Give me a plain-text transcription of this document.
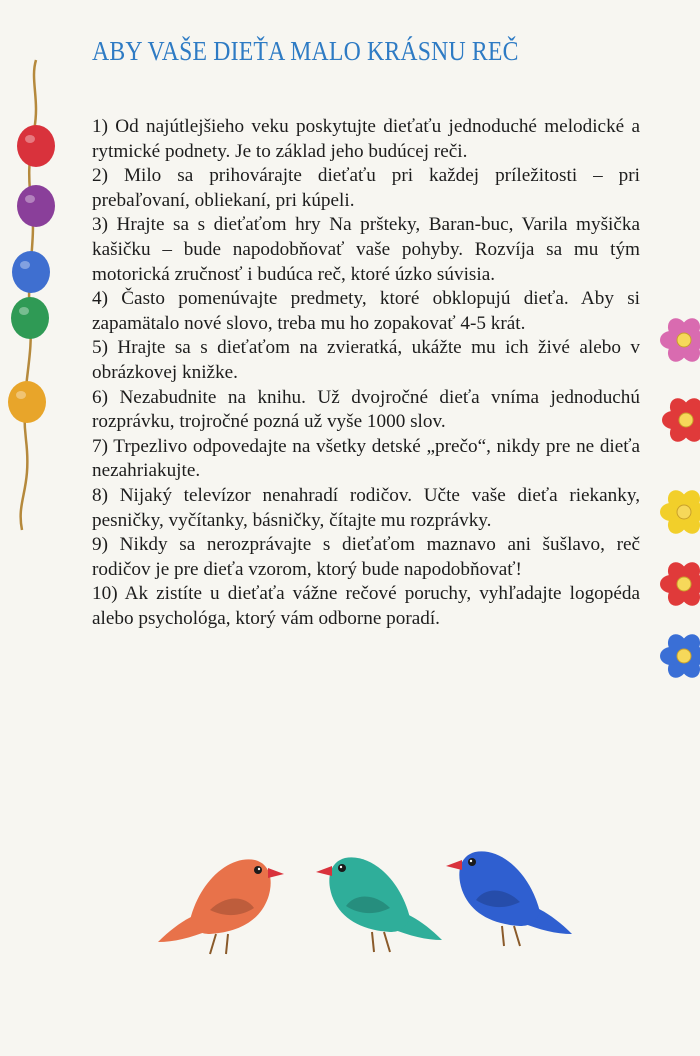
ABY VAŠE DIEŤA MALO KRÁSNU REČ
1) Od najútlejšieho veku poskytujte dieťaťu jednoduché melodické a rytmické podnety. Je to základ jeho budúcej reči.
2) Milo sa prihovárajte dieťaťu pri každej príležitosti – pri prebaľovaní, obliekaní, pri kúpeli.
3) Hrajte sa s dieťaťom hry Na pršteky, Baran-buc, Varila myšička kašičku – bude napodobňovať vaše pohyby. Rozvíja sa mu tým motorická zručnosť i budúca reč, ktoré úzko súvisia.
4) Často pomenúvajte predmety, ktoré obklopujú dieťa. Aby si zapamätalo nové slovo, treba mu ho zopakovať 4-5 krát.
5) Hrajte sa s dieťaťom na zvieratká, ukážte mu ich živé alebo v obrázkovej knižke.
6) Nezabudnite na knihu. Už dvojročné dieťa vníma jednoduchú rozprávku, trojročné pozná už vyše 1000 slov.
7) Trpezlivo odpovedajte na všetky detské „prečo“, nikdy pre ne dieťa nezahriakujte.
8) Nijaký televízor nenahradí rodičov. Učte vaše dieťa riekanky, pesničky, vyčítanky, básničky, čítajte mu rozprávky.
9) Nikdy sa nerozprávajte s dieťaťom maznavo ani šušlavo, reč rodičov je pre dieťa vzorom, ktorý bude napodobňovať!
10) Ak zistíte u dieťaťa vážne rečové poruchy, vyhľadajte logopéda alebo psychológa, ktorý vám odborne poradí.
